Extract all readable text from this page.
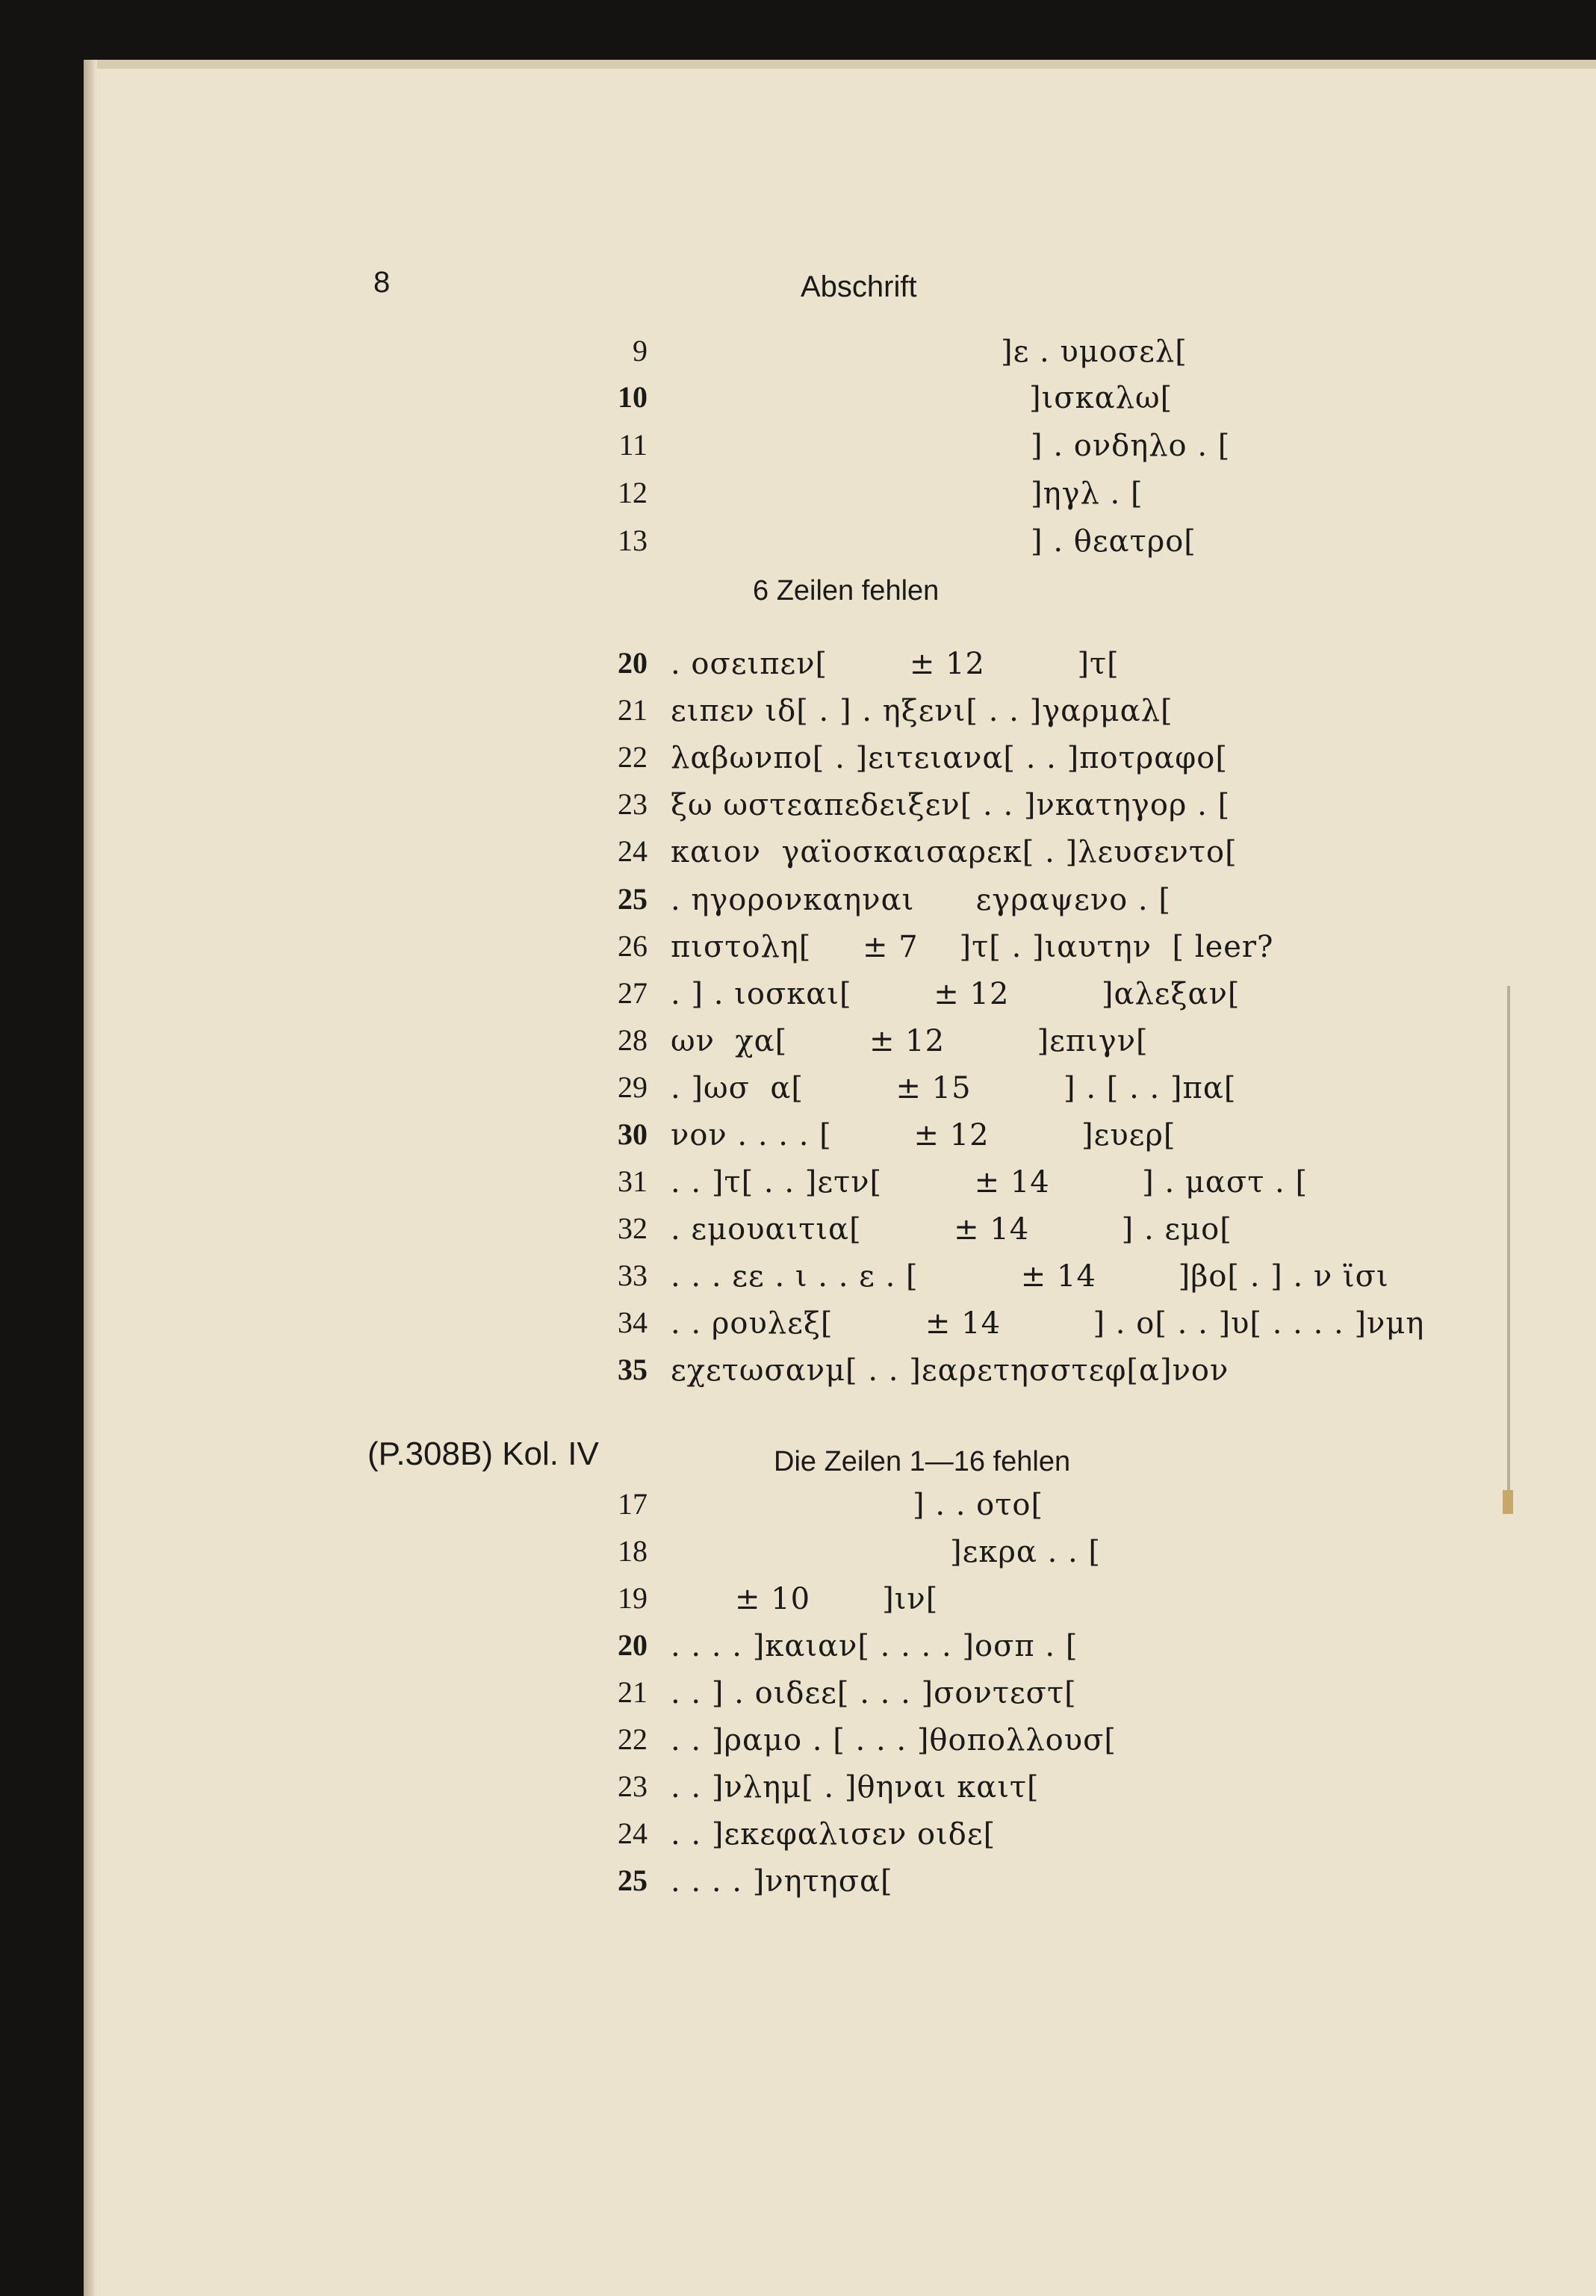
8	Abschrift
9	]ε . υμοσελ[
10	]ισκαλω[
11	] . ονδηλο . [
12	]ηγλ . [
13	] . θεατρο[
6 Zeilen fehlen
20 . οσειπεν[        ± 12         ]τ[
21 ειπεν ιδ[ . ] . ηξενι[ . . ]γαρμαλ[
22 λαβωνπο[ . ]ειτειανα[ . . ]ποτραφο[
23 ξω ωστεαπεδειξεν[ . . ]νκατηγορ . [
24 καιον  γαϊοσκαισαρεκ[ . ]λευσεντο[
25 . ηγορονκαηναι      εγραψενο . [
26 πιστολη[     ± 7    ]τ[ . ]ιαυτην  [ leer?
27 . ] . ιοσκαι[        ± 12         ]αλεξαν[
28 ων  χα[        ± 12         ]επιγν[
29 . ]ωσ  α[         ± 15         ] . [ . . ]πα[
30 νον . . . . [        ± 12         ]ευερ[
31 . . ]τ[ . . ]ετν[         ± 14         ] . μαστ . [
32 . εμουαιτια[         ± 14         ] . εμο[
33 . . . εε . ι . . ε . [          ± 14        ]βο[ . ] . ν ϊσι
34 . . ρουλεξ[         ± 14         ] . ο[ . . ]υ[ . . . . ]νμη
35 εχετωσανμ[ . . ]εαρετησστεφ[α]νον
(P.308B) Kol. IV	Die Zeilen 1—16 fehlen
17	] . . οτο[
18	]εκρα . . [
19	± 10       ]ιν[
20 . . . . ]καιαν[ . . . . ]οσπ . [
21 . . ] . οιδεε[ . . . ]σοντεστ[
22 . . ]ραμο . [ . . . ]θοπολλουσ[
23 . . ]νλημ[ . ]θηναι καιτ[
24 . . ]εκεφαλισεν οιδε[
25 . . . . ]νητησα[
